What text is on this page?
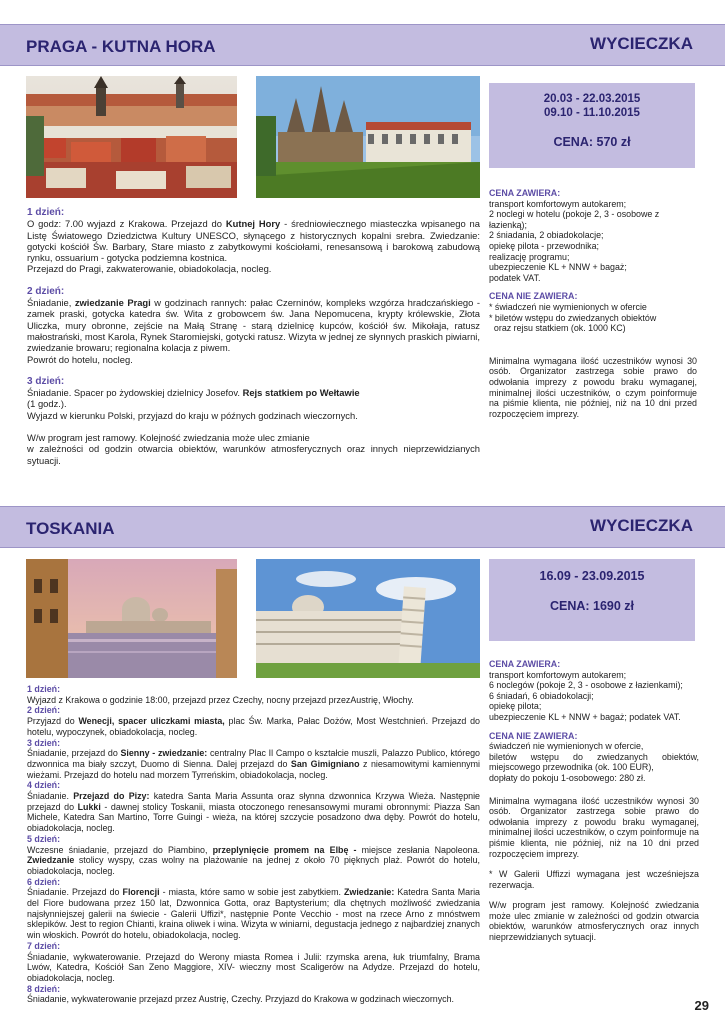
PRAGA - KUTNA HORA	WYCIECZKA
20.03 - 22.03.2015
09.10 - 11.10.2015
CENA: 570 zł

1 dzień:

O godz: 7.00 wyjazd z Krakowa. Przejazd do Kutnej Hory - średniowiecznego miasteczka wpisanego na Listę Światowego Dziedzictwa Kultury UNESCO, słynącego z historycznych kopalni srebra. Zwiedzanie: gotycki kościół Św. Barbary, Stare miasto z zabytkowymi kościołami, renesansową i barokową zabudową rynku, ossuarium - gotycka podziemna kostnica.

Przejazd do Pragi, zakwaterowanie, obiadokolacja, nocleg.

2 dzień:

Śniadanie, zwiedzanie Pragi w godzinach rannych: pałac Czerninów, kompleks wzgórza hradczańskiego - zamek praski, gotycka katedra św. Wita z grobowcem św. Jana Nepomucena, krypty królewskie, Złota Uliczka, mury obronne, zejście na Małą Stranę - starą dzielnicę kupców, kościół św. Mikołaja, ratusz małostrański, most Karola, Rynek Staromiejski, gotycki ratusz. Wizyta w jednej ze słynnych praskich piwiarni, zwiedzanie browaru; regionalna kolacja z piwem.

Powrót do hotelu, nocleg.

3 dzień:

Śniadanie. Spacer po żydowskiej dzielnicy Josefov. Rejs statkiem po Wełtawie

(1 godz.).

Wyjazd w kierunku Polski, przyjazd do kraju w późnych godzinach wieczornych.

W/w program jest ramowy. Kolejność zwiedzania może ulec zmianie

w zależności od godzin otwarcia obiektów, warunków atmosferycznych oraz innych nieprzewidzianych sytuacji.

CENA ZAWIERA:

transport komfortowym autokarem;

2 noclegi w hotelu (pokoje 2, 3 - osobowe z łazienką);

2 śniadania, 2 obiadokolacje;

opiekę pilota - przewodnika;

realizację programu;

ubezpieczenie KL + NNW + bagaż;

podatek VAT.

CENA NIE ZAWIERA:

* świadczeń nie wymienionych w ofercie

* biletów wstępu do zwiedzanych obiektów

oraz rejsu statkiem (ok. 1000 KC)

Minimalna wymagana ilość uczestników wynosi 30 osób. Organizator zastrzega sobie prawo do odwołania imprezy z powodu braku wymaganej, minimalnej ilości uczestników, o czym poinformuje na piśmie klienta, nie później, niż na 10 dni przed rozpoczęciem imprezy.

TOSKANIA	WYCIECZKA
16.09 - 23.09.2015
CENA: 1690 zł

1 dzień:

Wyjazd z Krakowa o godzinie 18:00, przejazd przez Czechy, nocny przejazd przezAustrię, Włochy.

2 dzień:

Przyjazd do Wenecji, spacer uliczkami miasta, plac Św. Marka, Pałac Dożów, Most Westchnień. Przejazd do hotelu, wypoczynek, obiadokolacja, nocleg.

3 dzień:

Śniadanie, przejazd do Sienny - zwiedzanie: centralny Plac Il Campo o kształcie muszli, Palazzo Publico, którego dzwonnica ma biały szczyt, Duomo di Sienna. Dalej przejazd do San Gimigniano z niesamowitymi kamiennymi wieżami. Przejazd do hotelu nad morzem Tyrreńskim, obiadokolacja, nocleg.

4 dzień:

Śniadanie. Przejazd do Pizy: katedra Santa Maria Assunta oraz słynna dzwonnica Krzywa Wieża. Następnie przejazd do Lukki - dawnej stolicy Toskanii, miasta otoczonego renesansowymi murami obronnymi: Piazza San Michele, Katedra San Martino, Torre Guingi - wieża, na której szczycie posadzono dwa dęby. Powrót do hotelu, obiadokolacja, nocleg.

5 dzień:

Wczesne śniadanie, przejazd do Piambino, przeplynięcie promem na Elbę - miejsce zesłania Napoleona. Zwiedzanie stolicy wyspy, czas wolny na plażowanie na jednej z około 70 pięknych plaż. Powrót do hotelu, obiadokolacja, nocleg.

6 dzień:

Śniadanie. Przejazd do Florencji - miasta, które samo w sobie jest zabytkiem. Zwiedzanie: Katedra Santa Maria del Fiore budowana przez 150 lat, Dzwonnica Gotta, oraz Baptysterium; dla chętnych możliwość zwiedzania najsłynniejszej galerii na świecie - Galerii Uffizi*, następnie Ponte Vecchio - most na rzece Arno z mnóstwem sklepików. Jest to region Chianti, kraina oliwek i wina. Wizyta w winiarni, degustacja jednego z najbardziej znanych win włoskich. Powrót do hotelu, obiadokolacja, nocleg.

7 dzień:

Śniadanie, wykwaterowanie. Przejazd do Werony miasta Romea i Julii: rzymska arena, łuk triumfalny, Brama Lwów, Katedra, Kościół San Zeno Maggiore, XIV- wieczny most Scaligerów na Adydze. Przejazd do hotelu, obiadokolacja, nocleg.

8 dzień:

Śniadanie, wykwaterowanie przejazd przez Austrię, Czechy. Przyjazd do Krakowa w godzinach wieczornych.

CENA ZAWIERA:

transport komfortowym autokarem;

6 noclegów (pokoje 2, 3 - osobowe z łazienkami);

6 śniadań, 6 obiadokolacji;

opiekę pilota;

ubezpieczenie KL + NNW + bagaż; podatek VAT.

CENA NIE ZAWIERA:

świadczeń nie wymienionych w ofercie,

biletów wstępu do zwiedzanych obiektów, miejscowego przewodnika (ok. 100 EUR),

dopłaty do pokoju 1-osobowego: 280 zł.

Minimalna wymagana ilość uczestników wynosi 30 osób. Organizator zastrzega sobie prawo do odwołania imprezy z powodu braku wymaganej, minimalnej ilości uczestników, o czym poinformuje na piśmie klienta, nie później, niż na 10 dni przed rozpoczęciem imprezy.

* W Galerii Uffizzi wymagana jest wcześniejsza rezerwacja.

W/w program jest ramowy. Kolejność zwiedzania może ulec zmianie w zależności od godzin otwarcia obiektów, warunków atmosferycznych oraz innych nieprzewidzianych sytuacji.

29
